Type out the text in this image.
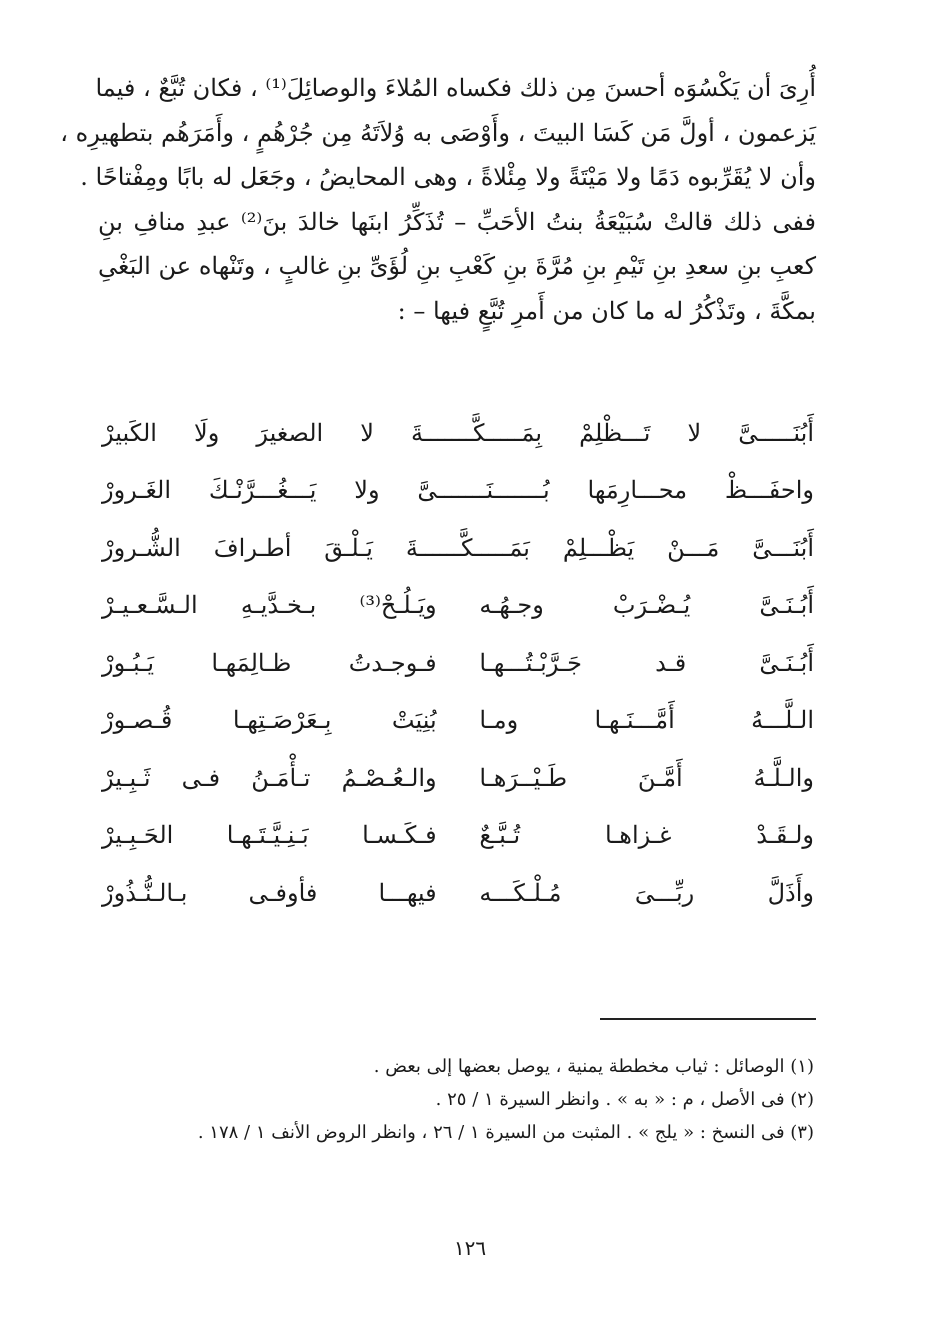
أُرِىَ أن يَكْسُوَه أحسنَ مِن ذلك فكساه المُلاءَ والوصائِلَ⁽¹⁾ ، فكان تُبَّعٌ ، فيما
يَزعمون ، أولَّ مَن كَسَا البيتَ ، وأَوْصَى به وُلاَتَهُ مِن جُرْهُمٍ ، وأَمَرَهُم بتطهيرِه ،
وأن لا يُقَرِّبوه دَمًا ولا مَيْتَةً ولا مِئْلاةً ، وهى المحايضُ ، وجَعَل له بابًا ومِفْتاحًا .
ففى ذلك قالتْ سُبَيْعَةُ بنتُ الأحَبِّ – تُذَكِّرُ ابنَها خالدَ بنَ⁽²⁾ عبدِ منافِ بنِ
كعبِ بنِ سعدِ بنِ تَيْمِ بنِ مُرَّةَ بنِ كَعْبِ بنِ لُؤَىِّ بنِ غالبٍ ، وتَنْهاه عن البَغْىِ
بمكَّةَ ، وتَذْكُرُ له ما كان من أَمرِ تُبَّعٍ فيها – :
أَبُنَـــــىَّ لا تَـــظْلِمْ بِمَـــــكَّـــــــةَ لا الصغيرَ ولَا الكَبيرْ
واحفَـــظْ محـــارِمَها بُـــــــنَـــــــىَّ ولا يَـــغُـــرَّنْـكَ الغَـرورْ
أَبُنَـــىَّ مَـــنْ يَظْـــلِمْ بَمَـــــكَّــــــةَ يَـلْـقَ أطـرافَ الشُّـرورْ
أَبُـنَـىَّ يُـضْـرَبْ وجـهُـه
ويَـلُـحْ⁽³⁾ بـخـدَّيـهِ الـسَّـعـيـرْ
أَبُـنَـىَّ قـد جَـرَّبْـتُـــهـا
فـوجـدتُ ظـالِمَهـا يَـبُـورْ
الـلَّـــهُ أَمَّـــنَـهـا ومـا
بُنِيَتْ بِـعَرْصَـتِهـا قُـصـورْ
والـلَّـهُ أَمَّـنَ طَـيْــرَهـا
والـعُـصْـمُ تـأْمَـنُ فـى ثَـبِـيرْ
ولـقَـدْ غـزاهـا تُـبَّـعٌ
فـكَـسـا بَـنِـيَّـتَـهـا الحَـبِـيرْ
وأَذَلَّ ربِّـــىَ مُـلْـكَـــه
فيهـــا فأوفـى بـالـنُّـذُورْ
(١) الوصائل : ثياب مخططة يمنية ، يوصل بعضها إلى بعض .
(٢) فى الأصل ، م : « به » . وانظر السيرة ١ / ٢٥ .
(٣) فى النسخ : « يلج » . المثبت من السيرة ١ / ٢٦ ، وانظر الروض الأنف ١ / ١٧٨ .
١٢٦
